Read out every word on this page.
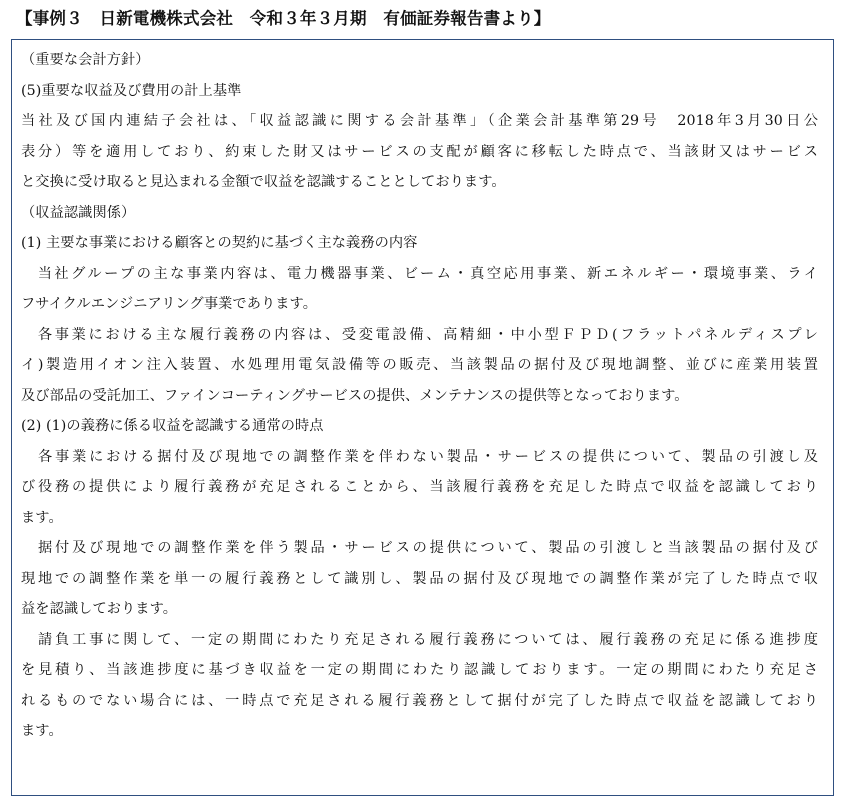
【事例３　日新電機株式会社　令和３年３月期　有価証券報告書より】
（重要な会計方針）
(5)重要な収益及び費用の計上基準
当社及び国内連結子会社は、「収益認識に関する会計基準」（企業会計基準第29号　2018年3月30日公
表分）等を適用しており、約束した財又はサービスの支配が顧客に移転した時点で、当該財又はサービス
と交換に受け取ると見込まれる金額で収益を認識することとしております。
（収益認識関係）
(1) 主要な事業における顧客との契約に基づく主な義務の内容
　当社グループの主な事業内容は、電力機器事業、ビーム・真空応用事業、新エネルギー・環境事業、ライ
フサイクルエンジニアリング事業であります。
　各事業における主な履行義務の内容は、受変電設備、高精細・中小型ＦＰＤ(フラットパネルディスプレ
イ)製造用イオン注入装置、水処理用電気設備等の販売、当該製品の据付及び現地調整、並びに産業用装置
及び部品の受託加工、ファインコーティングサービスの提供、メンテナンスの提供等となっております。
(2) (1)の義務に係る収益を認識する通常の時点
　各事業における据付及び現地での調整作業を伴わない製品・サービスの提供について、製品の引渡し及
び役務の提供により履行義務が充足されることから、当該履行義務を充足した時点で収益を認識しており
ます。
　据付及び現地での調整作業を伴う製品・サービスの提供について、製品の引渡しと当該製品の据付及び
現地での調整作業を単一の履行義務として識別し、製品の据付及び現地での調整作業が完了した時点で収
益を認識しております。
　請負工事に関して、一定の期間にわたり充足される履行義務については、履行義務の充足に係る進捗度
を見積り、当該進捗度に基づき収益を一定の期間にわたり認識しております。一定の期間にわたり充足さ
れるものでない場合には、一時点で充足される履行義務として据付が完了した時点で収益を認識しており
ます。
